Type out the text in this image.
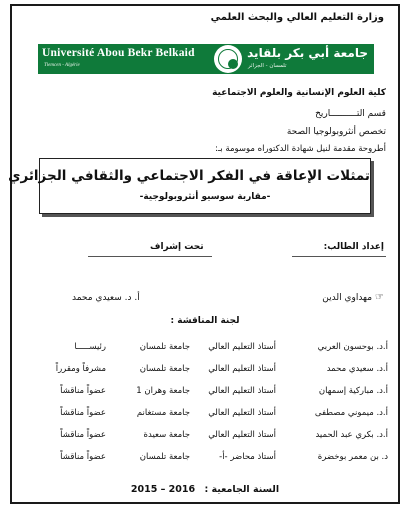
وزارة التعليم العالي والبحث العلمي
Université Abou Bekr Belkaid
Tlemcen - Algérie	تلمسان - الجزائر
جامعة أبي بكر بلقايد
كلية العلوم الإنسانية والعلوم الاجتماعية
قسم التــــــــــاريخ
تخصص أنثروبولوجيا الصحة
أطروحة مقدمة لنيل شهادة الدكتوراه موسومة بـ:
تمثلات الإعاقة في الفكر الاجتماعي والثقافي الجزائري
-مقاربة سوسيو أنثروبولوجية-
إعداد الطالب:
☞مهداوي الدين
تحت إشراف
أ. د. سعيدي محمد
لجنة المناقشة :
أ.د. بوحسون العربي
أستاذ التعليم العالي
جامعة تلمسان
رئيســـــا
أ.د. سعيدي محمد
أستاذ التعليم العالي
جامعة تلمسان
مشرفاً ومقرراً
أ.د. مباركية إسمهان
أستاذ التعليم العالي
جامعة وهران 1
عضواً مناقشاً
أ.د. ميموني مصطفى
أستاذ التعليم العالي
جامعة مستغانم
عضواً مناقشاً
أ.د. بكري عبد الحميد
أستاذ التعليم العالي
جامعة سعيدة
عضواً مناقشاً
د. بن معمر بوخضرة
أستاذ محاضر -أ-
جامعة تلمسان
عضواً مناقشاً
السنة الجامعية : 2015 – 2016
